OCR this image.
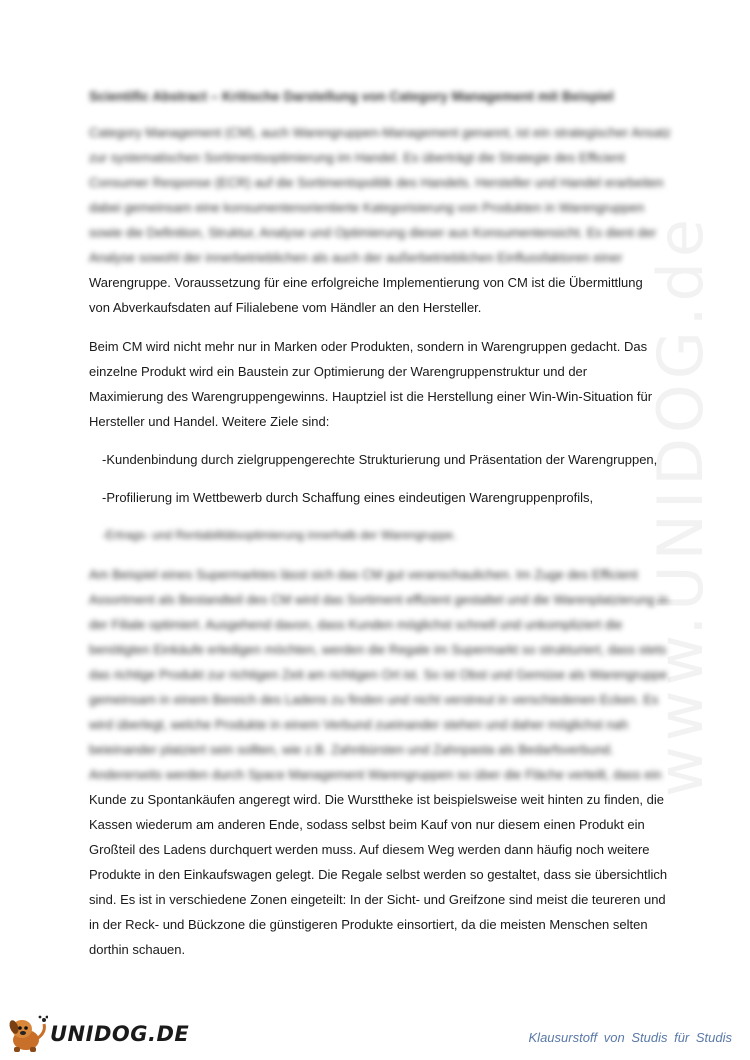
www.UNIDOG.de
Scientific Abstract – Kritische Darstellung von Category Management mit Beispiel
Category Management (CM), auch Warengruppen-Management genannt, ist ein strategischer Ansatz
zur systematischen Sortimentsoptimierung im Handel. Es überträgt die Strategie des Efficient
Consumer Response (ECR) auf die Sortimentspolitik des Handels. Hersteller und Handel erarbeiten
dabei gemeinsam eine konsumentenorientierte Kategorisierung von Produkten in Warengruppen
sowie die Definition, Struktur, Analyse und Optimierung dieser aus Konsumentensicht. Es dient der
Analyse sowohl der innerbetrieblichen als auch der außerbetrieblichen Einflussfaktoren einer
Warengruppe. Voraussetzung für eine erfolgreiche Implementierung von CM ist die Übermittlung
von Abverkaufsdaten auf Filialebene vom Händler an den Hersteller.
Beim CM wird nicht mehr nur in Marken oder Produkten, sondern in Warengruppen gedacht. Das
einzelne Produkt wird ein Baustein zur Optimierung der Warengruppenstruktur und der
Maximierung des Warengruppengewinns. Hauptziel ist die Herstellung einer Win-Win-Situation für
Hersteller und Handel. Weitere Ziele sind:
-Kundenbindung durch zielgruppengerechte Strukturierung und Präsentation der Warengruppen,
-Profilierung im Wettbewerb durch Schaffung eines eindeutigen Warengruppenprofils,
-Ertrags- und Rentabilitätsoptimierung innerhalb der Warengruppe.
Am Beispiel eines Supermarktes lässt sich das CM gut veranschaulichen. Im Zuge des Efficient
Assortment als Bestandteil des CM wird das Sortiment effizient gestaltet und die Warenplatzierung in
der Filiale optimiert. Ausgehend davon, dass Kunden möglichst schnell und unkompliziert die
benötigten Einkäufe erledigen möchten, werden die Regale im Supermarkt so strukturiert, dass stets
das richtige Produkt zur richtigen Zeit am richtigen Ort ist. So ist Obst und Gemüse als Warengruppe
gemeinsam in einem Bereich des Ladens zu finden und nicht verstreut in verschiedenen Ecken. Es
wird überlegt, welche Produkte in einem Verbund zueinander stehen und daher möglichst nah
beieinander platziert sein sollten, wie z.B. Zahnbürsten und Zahnpasta als Bedarfsverbund.
Andererseits werden durch Space Management Warengruppen so über die Fläche verteilt, dass ein
Kunde zu Spontankäufen angeregt wird. Die Wursttheke ist beispielsweise weit hinten zu finden, die
Kassen wiederum am anderen Ende, sodass selbst beim Kauf von nur diesem einen Produkt ein
Großteil des Ladens durchquert werden muss. Auf diesem Weg werden dann häufig noch weitere
Produkte in den Einkaufswagen gelegt. Die Regale selbst werden so gestaltet, dass sie übersichtlich
sind. Es ist in verschiedene Zonen eingeteilt: In der Sicht- und Greifzone sind meist die teureren und
in der Reck- und Bückzone die günstigeren Produkte einsortiert, da die meisten Menschen selten
dorthin schauen.
UNIDOG.DE	Klausurstoff von Studis für Studis
